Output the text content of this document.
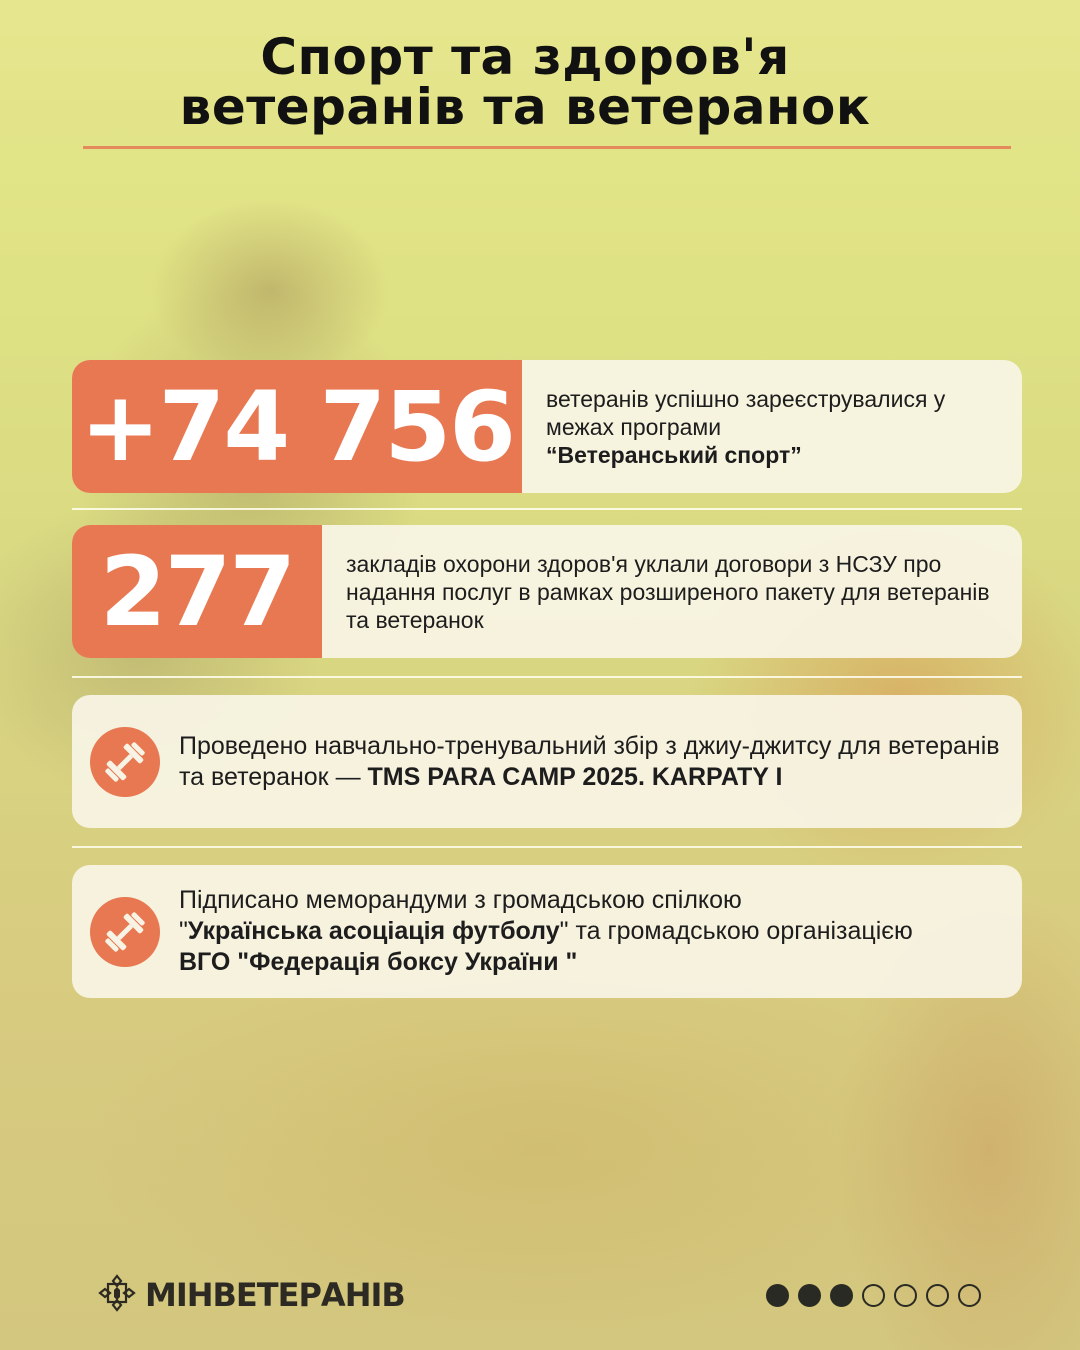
Спорт та здоров'я
ветеранів та ветеранок
+74 756	ветеранів успішно зареєструвалися у межах програми
“Ветеранський спорт”
277	закладів охорони здоров'я уклали договори з НСЗУ про надання послуг в рамках розширеного пакету для ветеранів та ветеранок
Проведено навчально-тренувальний збір з джиу-джитсу для ветеранів та ветеранок — TMS PARA CAMP 2025. KARPATY I
Підписано меморандуми з громадською спілкою
"Українська асоціація футболу" та громадською організацією
ВГО "Федерація боксу України "
МІНВЕТЕРАНІВ
